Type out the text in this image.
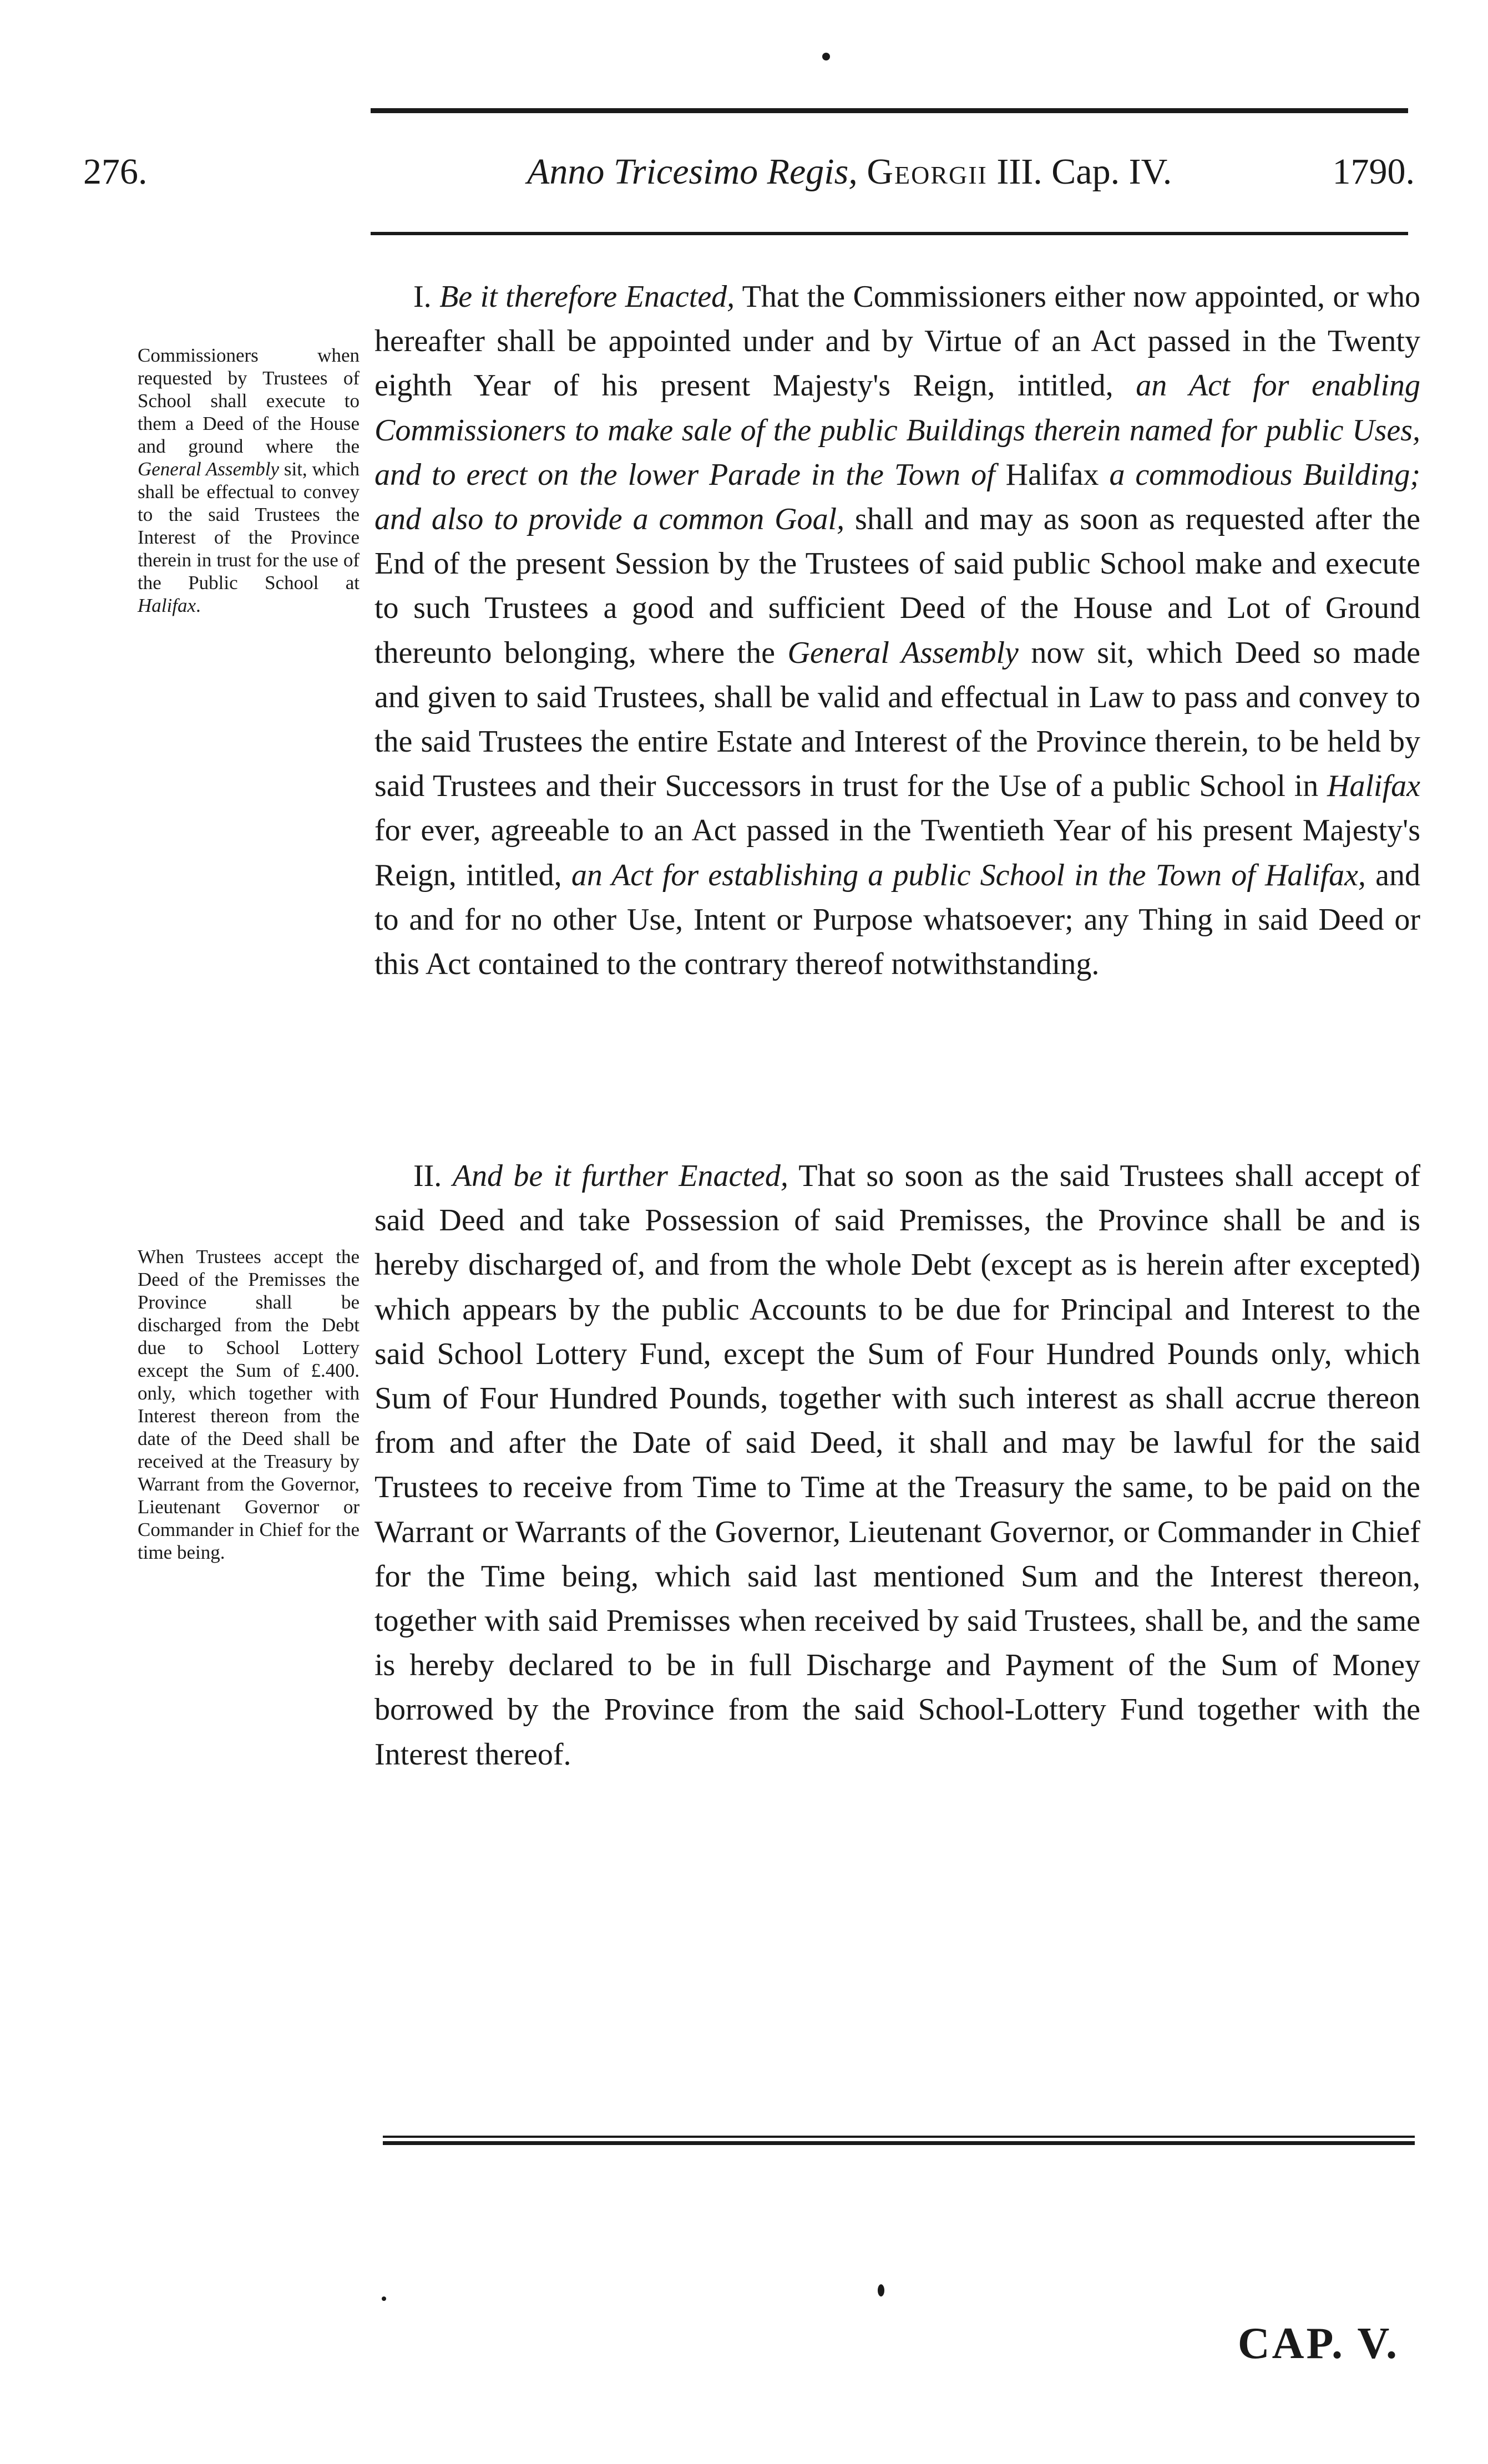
276.	Anno Tricesimo Regis, Georgii III. Cap. IV.	1790.
Commissioners when requested by Trustees of School shall execute to them a Deed of the House and ground where the General Assembly sit, which shall be effectual to convey to the said Trustees the Interest of the Province therein in trust for the use of the Public School at Halifax.

I. Be it therefore Enacted, That the Commissioners either now appointed, or who hereafter shall be appointed under and by Virtue of an Act passed in the Twenty eighth Year of his present Majesty's Reign, intitled, an Act for enabling Commissioners to make sale of the public Buildings therein named for public Uses, and to erect on the lower Parade in the Town of Halifax a commodious Building; and also to provide a common Goal, shall and may as soon as requested after the End of the present Session by the Trustees of said public School make and execute to such Trustees a good and sufficient Deed of the House and Lot of Ground thereunto belonging, where the General Assembly now sit, which Deed so made and given to said Trustees, shall be valid and effectual in Law to pass and convey to the said Trustees the entire Estate and Interest of the Province therein, to be held by said Trustees and their Successors in trust for the Use of a public School in Halifax for ever, agreeable to an Act passed in the Twentieth Year of his present Majesty's Reign, intitled, an Act for establishing a public School in the Town of Halifax, and to and for no other Use, Intent or Purpose whatsoever; any Thing in said Deed or this Act contained to the contrary thereof notwithstanding.

When Trustees accept the Deed of the Premisses the Province shall be discharged from the Debt due to School Lottery except the Sum of £.400. only, which together with Interest thereon from the date of the Deed shall be received at the Treasury by Warrant from the Governor, Lieutenant Governor or Commander in Chief for the time being.

II. And be it further Enacted, That so soon as the said Trustees shall accept of said Deed and take Possession of said Premisses, the Province shall be and is hereby discharged of, and from the whole Debt (except as is herein after excepted) which appears by the public Accounts to be due for Principal and Interest to the said School Lottery Fund, except the Sum of Four Hundred Pounds only, which Sum of Four Hundred Pounds, together with such interest as shall accrue thereon from and after the Date of said Deed, it shall and may be lawful for the said Trustees to receive from Time to Time at the Treasury the same, to be paid on the Warrant or Warrants of the Governor, Lieutenant Governor, or Commander in Chief for the Time being, which said last mentioned Sum and the Interest thereon, together with said Premisses when received by said Trustees, shall be, and the same is hereby declared to be in full Discharge and Payment of the Sum of Money borrowed by the Province from the said School-Lottery Fund together with the Interest thereof.

CAP. V.
